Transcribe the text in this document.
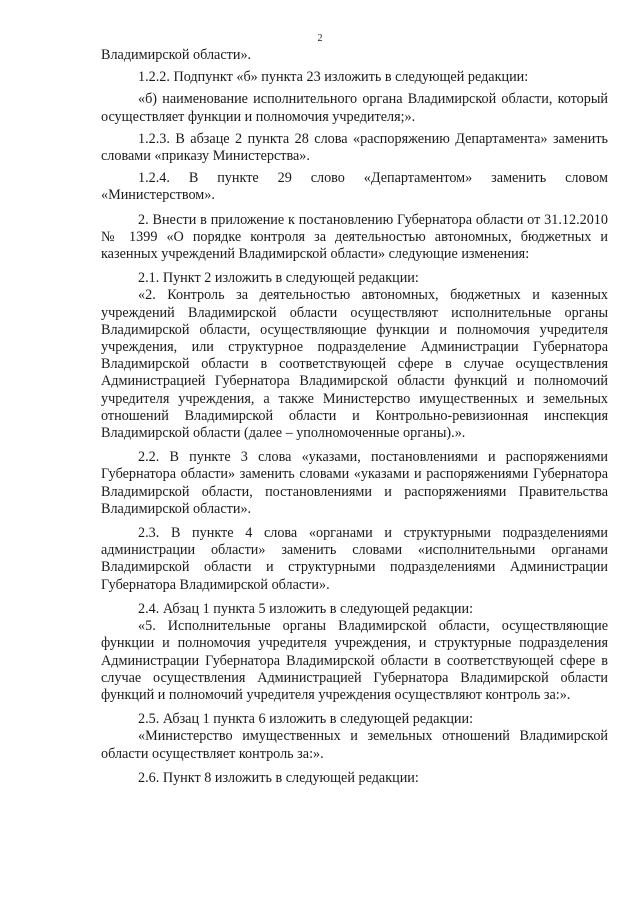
2

Владимирской области».

1.2.2. Подпункт «б» пункта 23 изложить в следующей редакции:

«б) наименование исполнительного органа Владимирской области, который осуществляет функции и полномочия учредителя;».

1.2.3. В абзаце 2 пункта 28 слова «распоряжению Департамента» заменить словами «приказу Министерства».

1.2.4. В пункте 29 слово «Департаментом» заменить словом «Министерством».

2. Внести в приложение к постановлению Губернатора области от 31.12.2010 № 1399 «О порядке контроля за деятельностью автономных, бюджетных и казенных учреждений Владимирской области» следующие изменения:

2.1. Пункт 2 изложить в следующей редакции:

«2. Контроль за деятельностью автономных, бюджетных и казенных учреждений Владимирской области осуществляют исполнительные органы Владимирской области, осуществляющие функции и полномочия учредителя учреждения, или структурное подразделение Администрации Губернатора Владимирской области в соответствующей сфере в случае осуществления Администрацией Губернатора Владимирской области функций и полномочий учредителя учреждения, а также Министерство имущественных и земельных отношений Владимирской области и Контрольно-ревизионная инспекция Владимирской области (далее – уполномоченные органы).».

2.2. В пункте 3 слова «указами, постановлениями и распоряжениями Губернатора области» заменить словами «указами и распоряжениями Губернатора Владимирской области, постановлениями и распоряжениями Правительства Владимирской области».

2.3. В пункте 4 слова «органами и структурными подразделениями администрации области» заменить словами «исполнительными органами Владимирской области и структурными подразделениями Администрации Губернатора Владимирской области».

2.4. Абзац 1 пункта 5 изложить в следующей редакции:

«5. Исполнительные органы Владимирской области, осуществляющие функции и полномочия учредителя учреждения, и структурные подразделения Администрации Губернатора Владимирской области в соответствующей сфере в случае осуществления Администрацией Губернатора Владимирской области функций и полномочий учредителя учреждения осуществляют контроль за:».

2.5. Абзац 1 пункта 6 изложить в следующей редакции:

«Министерство имущественных и земельных отношений Владимирской области осуществляет контроль за:».

2.6. Пункт 8 изложить в следующей редакции:
